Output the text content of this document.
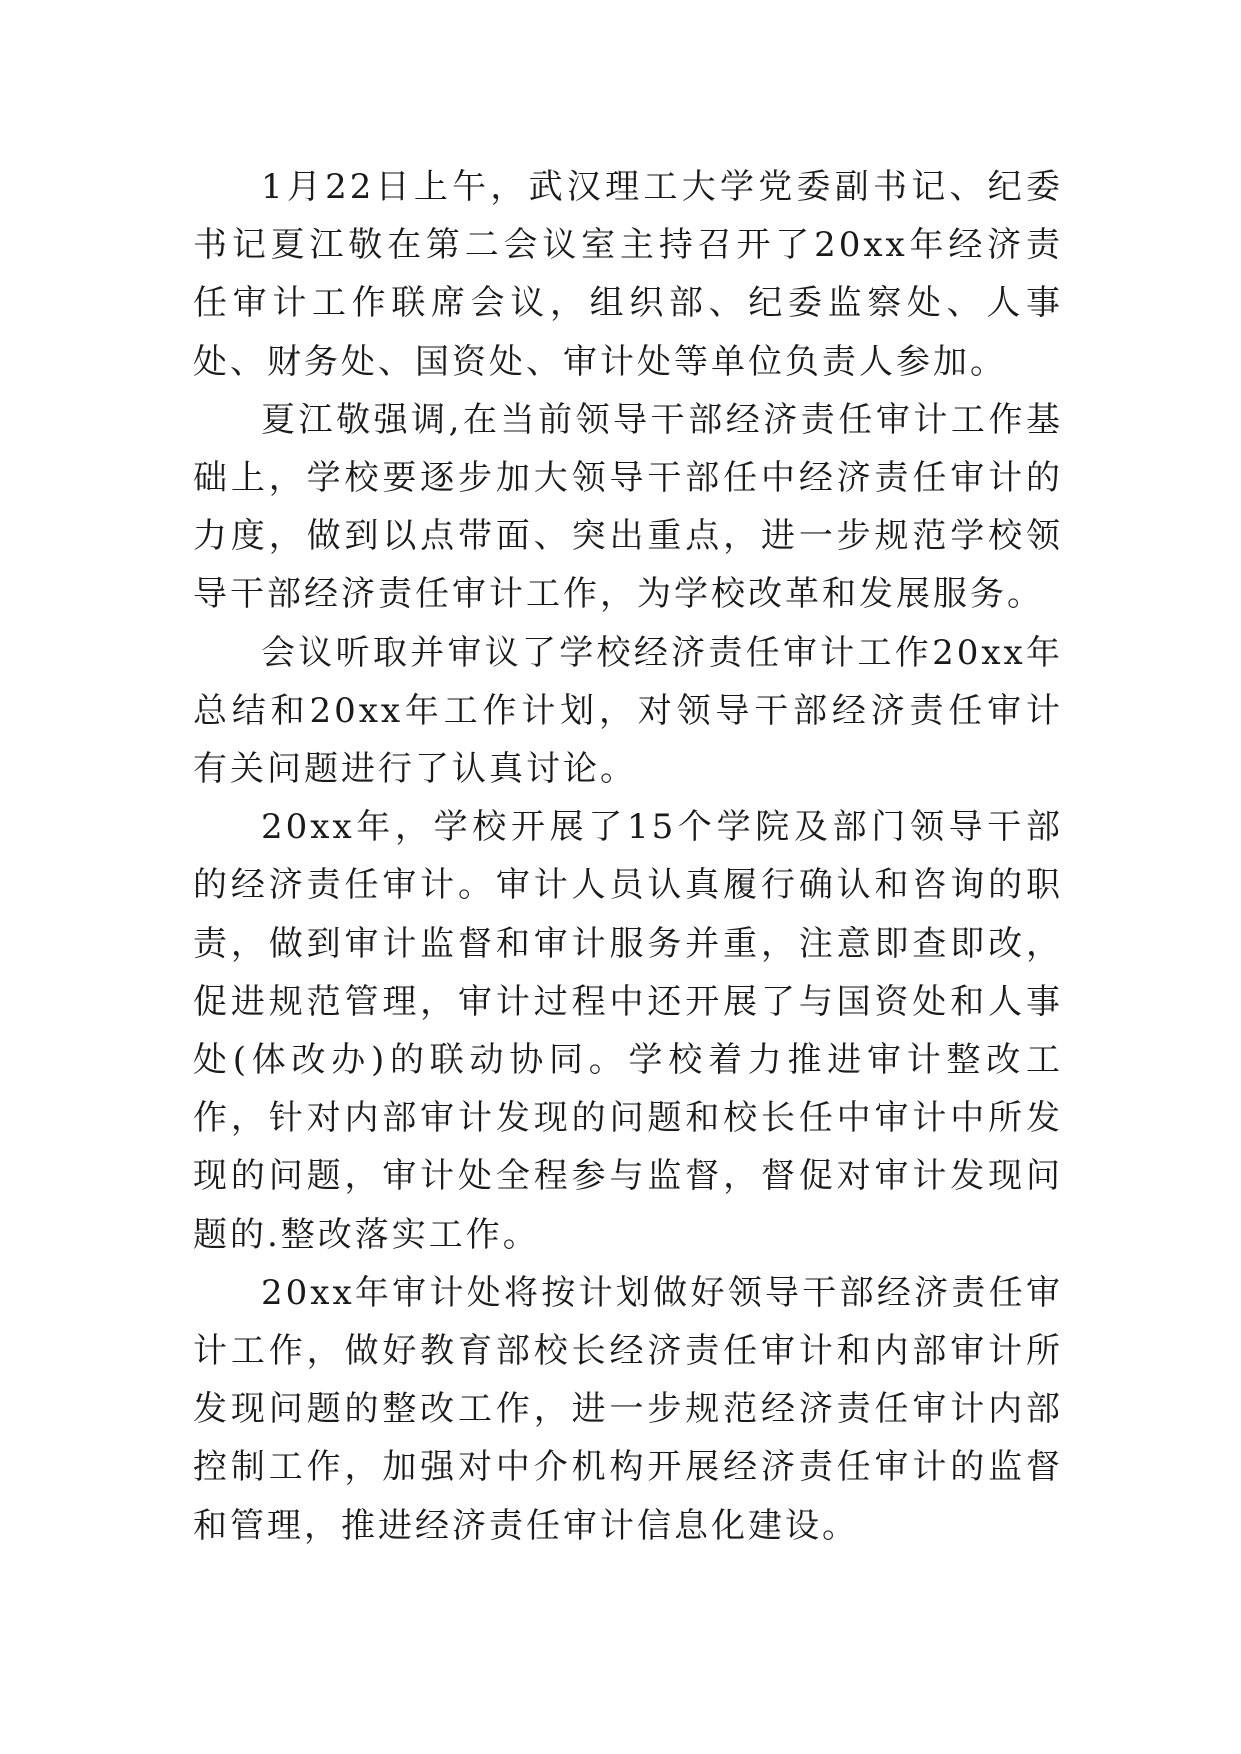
1月22日上午，武汉理工大学党委副书记、纪委书记夏江敬在第二会议室主持召开了20xx年经济责任审计工作联席会议，组织部、纪委监察处、人事处、财务处、国资处、审计处等单位负责人参加。

夏江敬强调,在当前领导干部经济责任审计工作基础上，学校要逐步加大领导干部任中经济责任审计的力度，做到以点带面、突出重点，进一步规范学校领导干部经济责任审计工作，为学校改革和发展服务。

会议听取并审议了学校经济责任审计工作20xx年总结和20xx年工作计划，对领导干部经济责任审计有关问题进行了认真讨论。

20xx年，学校开展了15个学院及部门领导干部的经济责任审计。审计人员认真履行确认和咨询的职责，做到审计监督和审计服务并重，注意即查即改，促进规范管理，审计过程中还开展了与国资处和人事处(体改办)的联动协同。学校着力推进审计整改工作，针对内部审计发现的问题和校长任中审计中所发现的问题，审计处全程参与监督，督促对审计发现问题的.整改落实工作。

20xx年审计处将按计划做好领导干部经济责任审计工作，做好教育部校长经济责任审计和内部审计所发现问题的整改工作，进一步规范经济责任审计内部控制工作，加强对中介机构开展经济责任审计的监督和管理，推进经济责任审计信息化建设。
